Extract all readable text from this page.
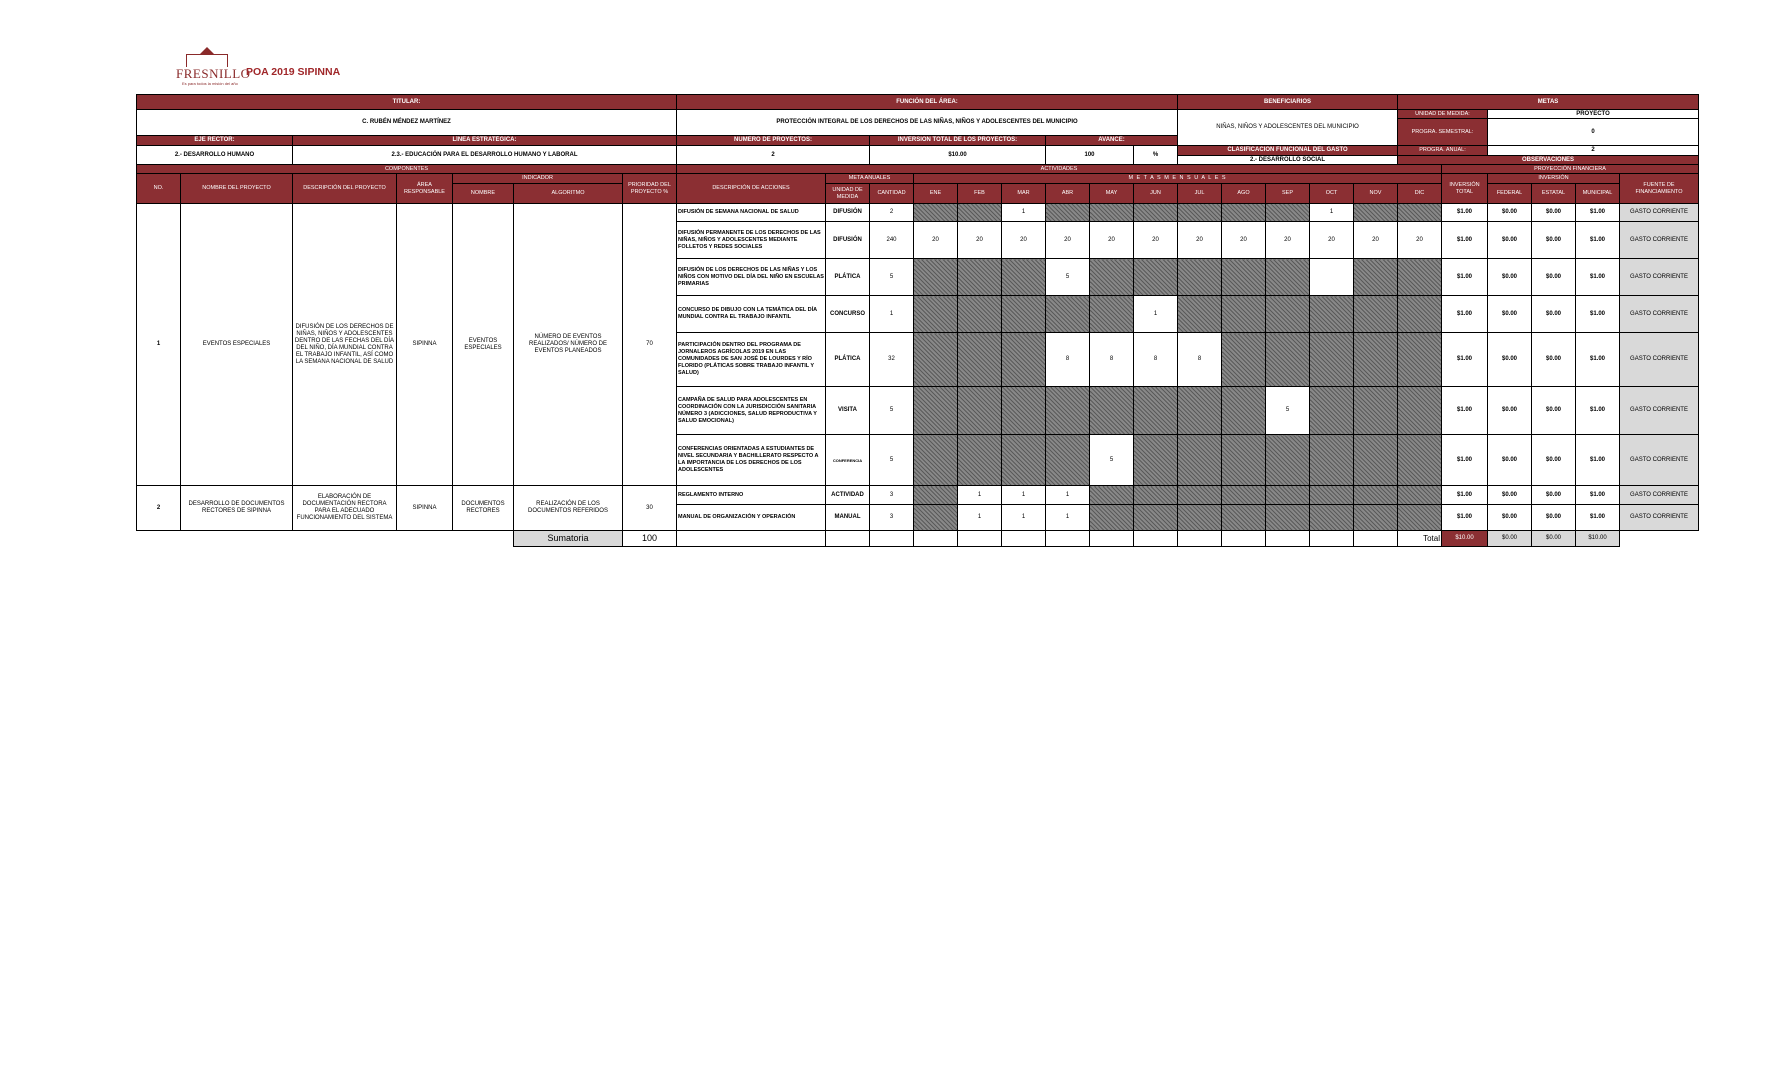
FRESNILLO
Es para todos la misión del año
POA 2019 SIPINNA
TITULAR:							FUNCIÓN DEL ÁREA:									BENEFICIARIOS					METAS					
C. RUBÉN MÉNDEZ MARTÍNEZ							PROTECCIÓN INTEGRAL DE LOS DERECHOS DE LAS NIÑAS, NIÑOS Y ADOLESCENTES DEL MUNICIPIO									NIÑAS, NIÑOS Y ADOLESCENTES DEL MUNICIPIO					UNIDAD DE MEDIDA:		PROYECTO			
																					PROGRA. SEMESTRAL:		0			

EJE RECTOR:		LÍNEA ESTRATÉGICA:					NÚMERO DE PROYECTOS:		INVERSIÓN TOTAL DE LOS PROYECTOS:				AVANCE:													
2.- DESARROLLO HUMANO		2.3.- EDUCACIÓN PARA EL DESARROLLO HUMANO Y LABORAL					2		$10.00				100		%	CLASIFICACIÓN FUNCIONAL DEL GASTO					PROGRA. ANUAL:		2			
																2.- DESARROLLO SOCIAL					OBSERVACIONES					
COMPONENTES							ACTIVIDADES															PROYECCIÓN FINANCIERA				
NO.	NOMBRE DEL PROYECTO	DESCRIPCIÓN DEL PROYECTO	ÁREA RESPONSABLE	INDICADOR		PRIORIDAD DEL PROYECTO %	DESCRIPCIÓN DE ACCIONES	META ANUALES		M E T A S M E N S U A L E S												INVERSIÓN TOTAL	INVERSIÓN			FUENTE DE FINANCIAMIENTO
				NOMBRE	ALGORITMO			UNIDAD DE MEDIDA	CANTIDAD	ENE	FEB	MAR	ABR	MAY	JUN	JUL	AGO	SEP	OCT	NOV	DIC		FEDERAL	ESTATAL	MUNICIPAL	
1	EVENTOS ESPECIALES	DIFUSIÓN DE LOS DERECHOS DE NIÑAS, NIÑOS Y ADOLESCENTES DENTRO DE LAS FECHAS DEL DÍA DEL NIÑO, DÍA MUNDIAL CONTRA EL TRABAJO INFANTIL, ASÍ COMO LA SEMANA NACIONAL DE SALUD	SIPINNA	EVENTOS ESPECIALES	NÚMERO DE EVENTOS REALIZADOS/ NÚMERO DE EVENTOS PLANEADOS	70	DIFUSIÓN DE SEMANA NACIONAL DE SALUD	DIFUSIÓN	2			1							1			$1.00	$0.00	$0.00	$1.00	GASTO CORRIENTE
							DIFUSIÓN PERMANENTE DE LOS DERECHOS DE LAS NIÑAS, NIÑOS Y ADOLESCENTES MEDIANTE FOLLETOS Y REDES SOCIALES	DIFUSIÓN	240	20	20	20	20	20	20	20	20	20	20	20	20	$1.00	$0.00	$0.00	$1.00	GASTO CORRIENTE
							DIFUSIÓN DE LOS DERECHOS DE LAS NIÑAS Y LOS NIÑOS CON MOTIVO DEL DÍA DEL NIÑO EN ESCUELAS PRIMARIAS	PLÁTICA	5				5									$1.00	$0.00	$0.00	$1.00	GASTO CORRIENTE
							CONCURSO DE DIBUJO CON LA TEMÁTICA DEL DÍA MUNDIAL CONTRA EL TRABAJO INFANTIL	CONCURSO	1						1							$1.00	$0.00	$0.00	$1.00	GASTO CORRIENTE
							PARTICIPACIÓN DENTRO DEL PROGRAMA DE JORNALEROS AGRÍCOLAS 2019 EN LAS COMUNIDADES DE SAN JOSÉ DE LOURDES Y RÍO FLORIDO (PLÁTICAS SOBRE TRABAJO INFANTIL Y SALUD)	PLÁTICA	32				8	8	8	8						$1.00	$0.00	$0.00	$1.00	GASTO CORRIENTE
							CAMPAÑA DE SALUD PARA ADOLESCENTES EN COORDINACIÓN CON LA JURISDICCIÓN SANITARIA NÚMERO 3 (ADICCIONES, SALUD REPRODUCTIVA Y SALUD EMOCIONAL)	VISITA	5									5				$1.00	$0.00	$0.00	$1.00	GASTO CORRIENTE
							CONFERENCIAS ORIENTADAS A ESTUDIANTES DE NIVEL SECUNDARIA Y BACHILLERATO RESPECTO A LA IMPORTANCIA DE LOS DERECHOS DE LOS ADOLESCENTES	CONFERENCIA	5					5								$1.00	$0.00	$0.00	$1.00	GASTO CORRIENTE
2	DESARROLLO DE DOCUMENTOS RECTORES DE SIPINNA	ELABORACIÓN DE DOCUMENTACIÓN RECTORA PARA EL ADECUADO FUNCIONAMIENTO DEL SISTEMA	SIPINNA	DOCUMENTOS RECTORES	REALIZACIÓN DE LOS DOCUMENTOS REFERIDOS	30	REGLAMENTO INTERNO	ACTIVIDAD	3		1	1	1									$1.00	$0.00	$0.00	$1.00	GASTO CORRIENTE
							MANUAL DE ORGANIZACIÓN Y OPERACIÓN	MANUAL	3		1	1	1									$1.00	$0.00	$0.00	$1.00	GASTO CORRIENTE
					Sumatoria	100															Total	$10.00	$0.00	$0.00	$10.00	
